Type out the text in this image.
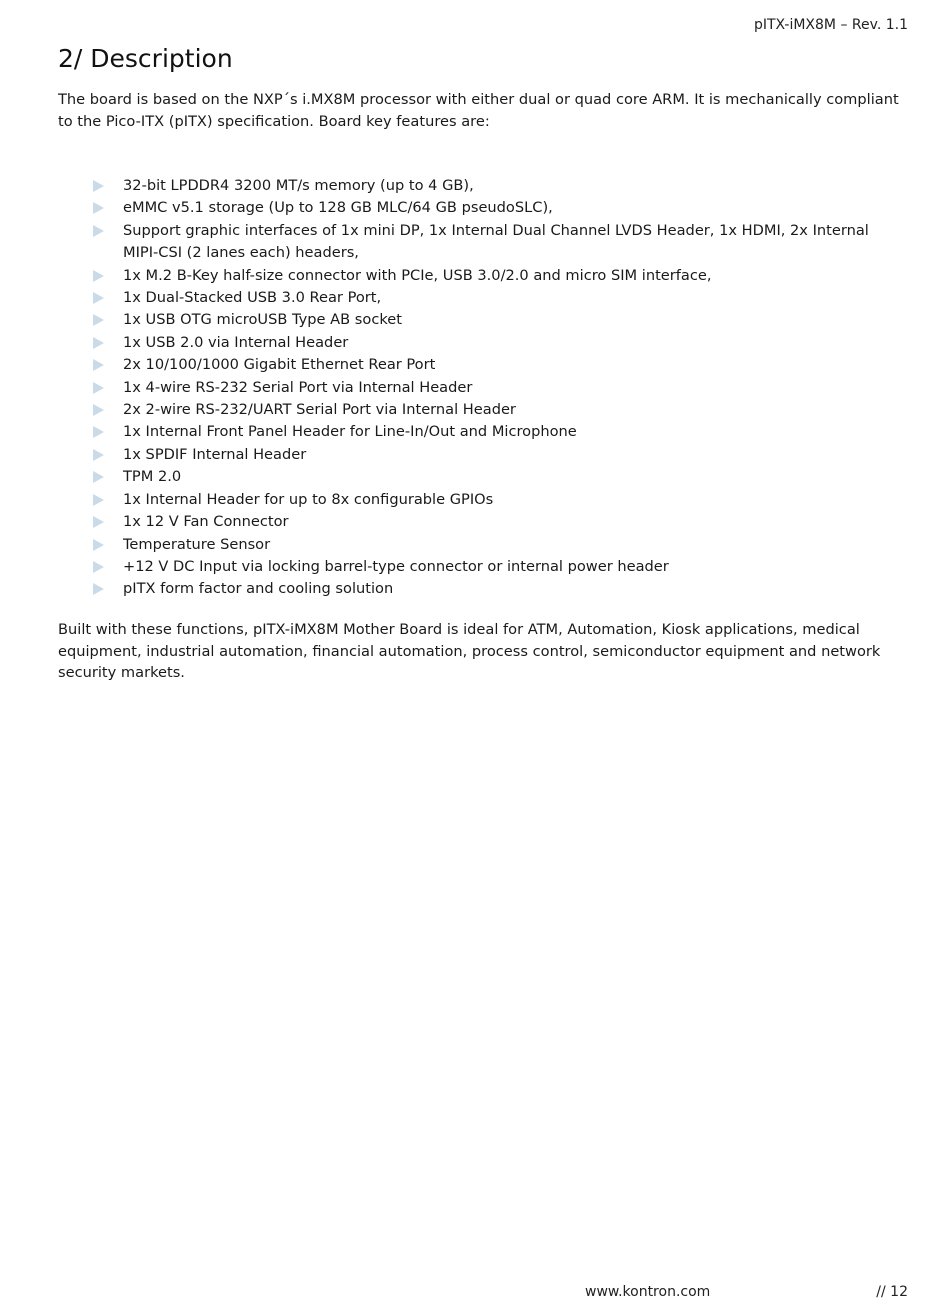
pITX-iMX8M – Rev. 1.1
2/ Description

The board is based on the NXP´s i.MX8M processor with either dual or quad core ARM. It is mechanically compliant to the Pico-ITX (pITX) specification. Board key features are:

32-bit LPDDR4 3200 MT/s memory (up to 4 GB),
eMMC v5.1 storage (Up to 128 GB MLC/64 GB pseudoSLC),
Support graphic interfaces of 1x mini DP, 1x Internal Dual Channel LVDS Header, 1x HDMI, 2x Internal MIPI-CSI (2 lanes each) headers,
1x M.2 B-Key half-size connector with PCIe, USB 3.0/2.0 and micro SIM interface,
1x Dual-Stacked USB 3.0 Rear Port,
1x USB OTG microUSB Type AB socket
1x USB 2.0 via Internal Header
2x 10/100/1000 Gigabit Ethernet Rear Port
1x 4-wire RS-232 Serial Port via Internal Header
2x 2-wire RS-232/UART Serial Port via Internal Header
1x Internal Front Panel Header for Line-In/Out and Microphone
1x SPDIF Internal Header
TPM 2.0
1x Internal Header for up to 8x configurable GPIOs
1x 12 V Fan Connector
Temperature Sensor
+12 V DC Input via locking barrel-type connector or internal power header
pITX form factor and cooling solution

Built with these functions, pITX-iMX8M Mother Board is ideal for ATM, Automation, Kiosk applications, medical equipment, industrial automation, financial automation, process control, semiconductor equipment and network security markets.

www.kontron.com	// 12
